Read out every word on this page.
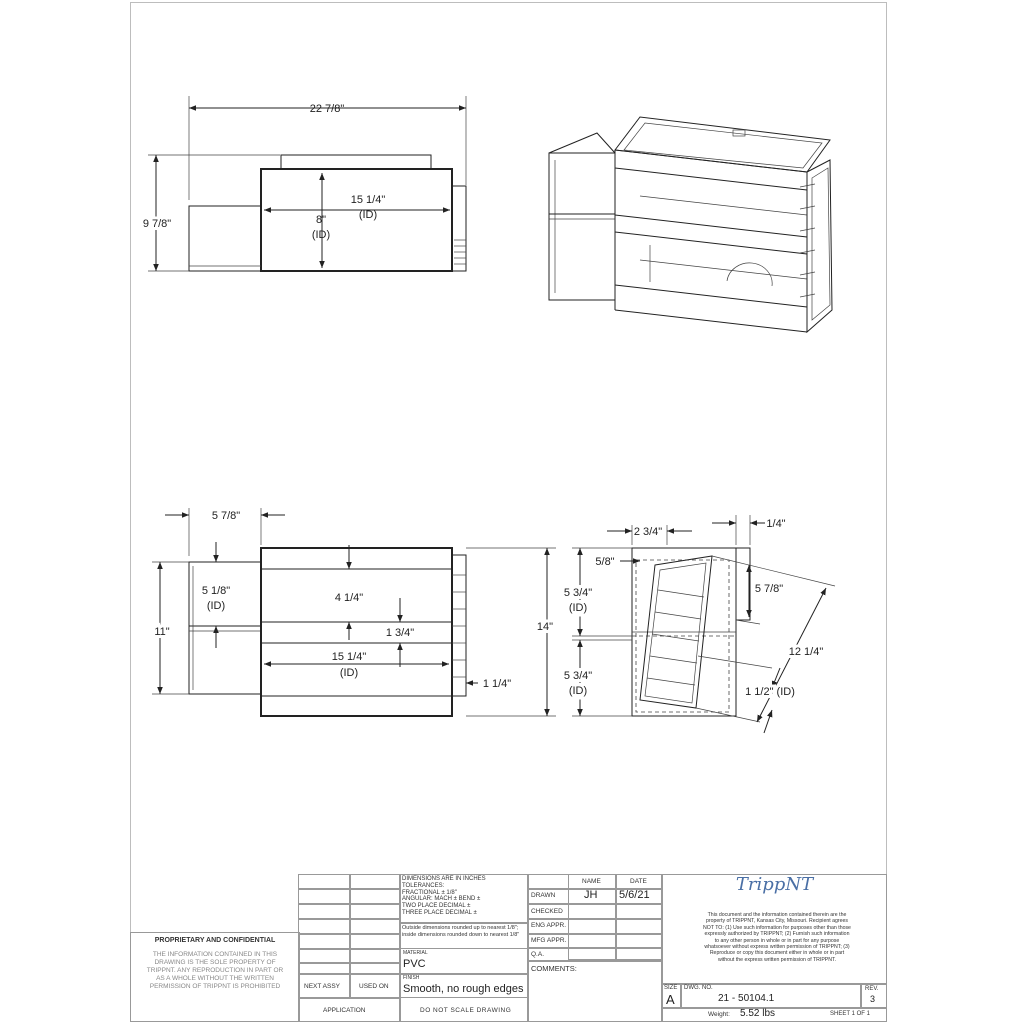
22 7/8"
9 7/8"
15 1/4"
(ID)
8"
(ID)
5 7/8"
5 1/8"
(ID)
11"
4 1/4"
1 3/4"
15 1/4"
(ID)
1 1/4"
14"
2 3/4"
5/8"
1/4"
5 3/4"
(ID)
5 3/4"
(ID)
5 7/8"
12 1/4"
1 1/2" (ID)
PROPRIETARY AND CONFIDENTIAL
THE INFORMATION CONTAINED IN THIS DRAWING IS THE SOLE PROPERTY OF TRIPPNT. ANY REPRODUCTION IN PART OR AS A WHOLE WITHOUT THE WRITTEN PERMISSION OF TRIPPNT IS PROHIBITED	NEXT ASSY	USED ON
APPLICATION
DIMENSIONS ARE IN INCHES
TOLERANCES:
FRACTIONAL ± 1/8"
ANGULAR: MACH ± BEND ±
TWO PLACE DECIMAL ±
THREE PLACE DECIMAL ±
Outside dimensions rounded up to nearest 1/8"; inside dimensions rounded down to nearest 1/8"
MATERIAL
PVC
FINISH
Smooth, no rough edges
DO NOT SCALE DRAWING
NAME	DATE
DRAWN	JH 5/6/21
CHECKED
ENG APPR.
MFG APPR.
Q.A.
COMMENTS:
TrippNT
This document and the information contained therein are the property of TRIPPNT, Kansas City, Missouri. Recipient agrees NOT TO: (1) Use such information for purposes other than those expressly authorized by TRIPPNT; (2) Furnish such information to any other person in whole or in part for any purpose whatsoever without express written permission of TRIPPNT; (3) Reproduce or copy this document either in whole or in part without the express written permission of TRIPPNT.
SIZE
A
DWG. NO.
21 - 50104.1
REV.
3
Weight: 5.52 lbs	SHEET 1 OF 1
